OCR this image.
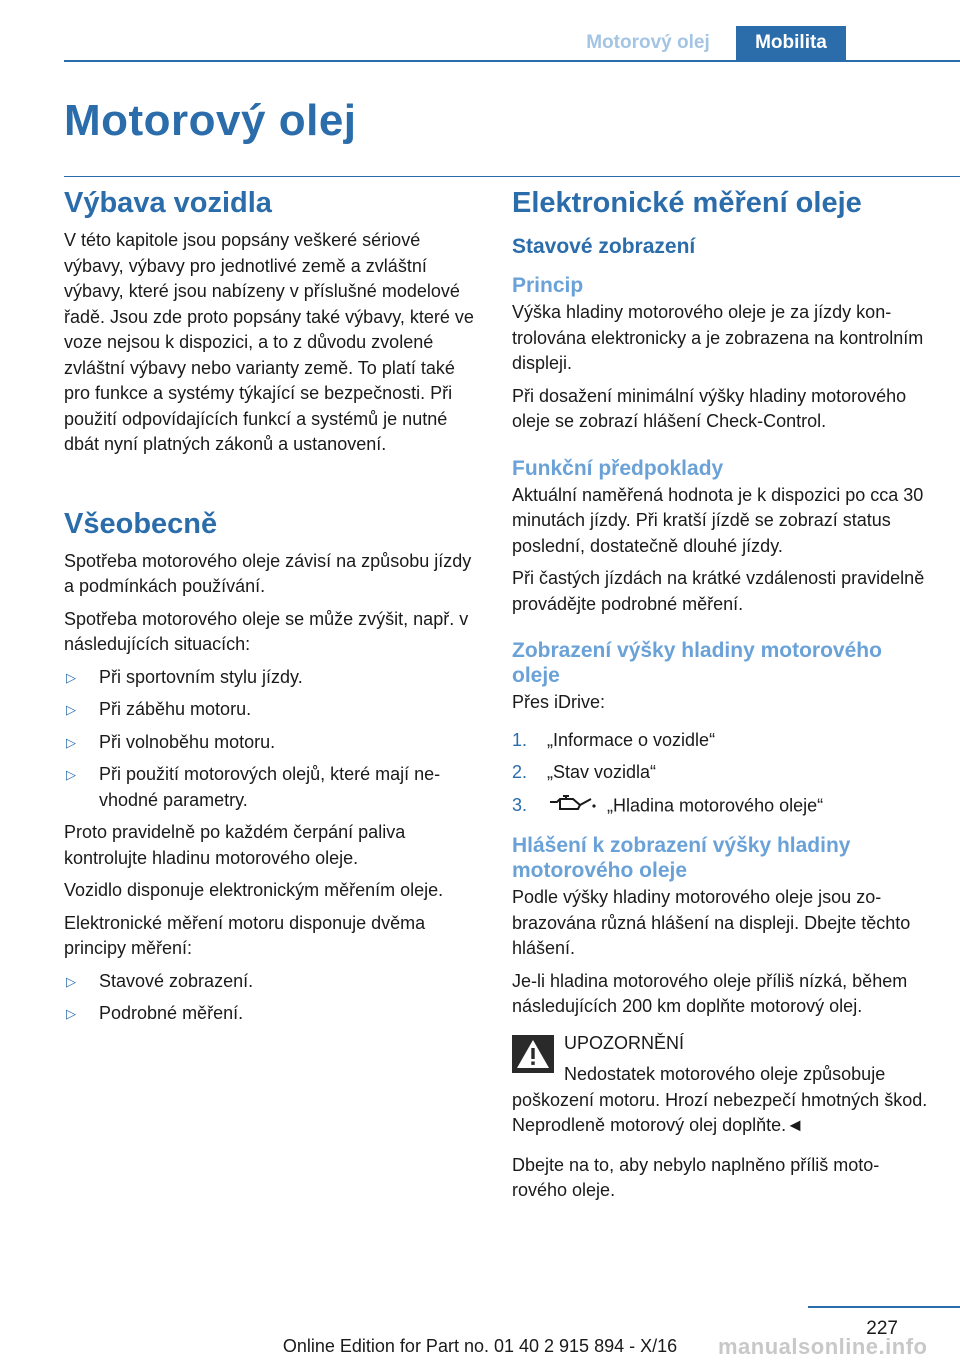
Motorový olej	Mobilita
Motorový olej
Výbava vozidla

V této kapitole jsou popsány veškeré sériové výbavy, výbavy pro jednotlivé země a zvláštní výbavy, které jsou nabízeny v příslušné modelové řadě. Jsou zde proto popsány také výbavy, které ve voze nejsou k dispozici, a to z důvodu zvolené zvláštní výbavy nebo varianty země. To platí také pro funkce a systémy týkající se bezpečnosti. Při použití odpovídajících funkcí a systémů je nutné dbát nyní platných zákonů a ustanovení.

Všeobecně

Spotřeba motorového oleje závisí na způsobu jízdy a podmínkách používání.

Spotřeba motorového oleje se může zvýšit, např. v následujících situacích:

▷ Při sportovním stylu jízdy.
▷ Při záběhu motoru.
▷ Při volnoběhu motoru.
▷ Při použití motorových olejů, které mají nevhodné parametry.

Proto pravidelně po každém čerpání paliva kontrolujte hladinu motorového oleje.

Vozidlo disponuje elektronickým měřením oleje.

Elektronické měření motoru disponuje dvěma principy měření:

▷ Stavové zobrazení.
▷ Podrobné měření.
Elektronické měření oleje
Stavové zobrazení
Princip

Výška hladiny motorového oleje je za jízdy kontrolována elektronicky a je zobrazena na kontrolním displeji.

Při dosažení minimální výšky hladiny motorového oleje se zobrazí hlášení Check-Control.

Funkční předpoklady

Aktuální naměřená hodnota je k dispozici po cca 30 minutách jízdy. Při kratší jízdě se zobrazí status poslední, dostatečně dlouhé jízdy.

Při častých jízdách na krátké vzdálenosti pravidelně provádějte podrobné měření.

Zobrazení výšky hladiny motorového oleje

Přes iDrive:

1. „Informace o vozidle“
2. „Stav vozidla“
3.	„Hladina motorového oleje“
Hlášení k zobrazení výšky hladiny motorového oleje

Podle výšky hladiny motorového oleje jsou zobrazována různá hlášení na displeji. Dbejte těchto hlášení.

Je-li hladina motorového oleje příliš nízká, během následujících 200 km doplňte motorový olej.

UPOZORNĚNÍ

Nedostatek motorového oleje způsobuje poškození motoru. Hrozí nebezpečí hmotných škod. Neprodleně motorový olej doplňte.◄

Dbejte na to, aby nebylo naplněno příliš motorového oleje.

227
Online Edition for Part no. 01 40 2 915 894 - X/16	manualsonline.info
